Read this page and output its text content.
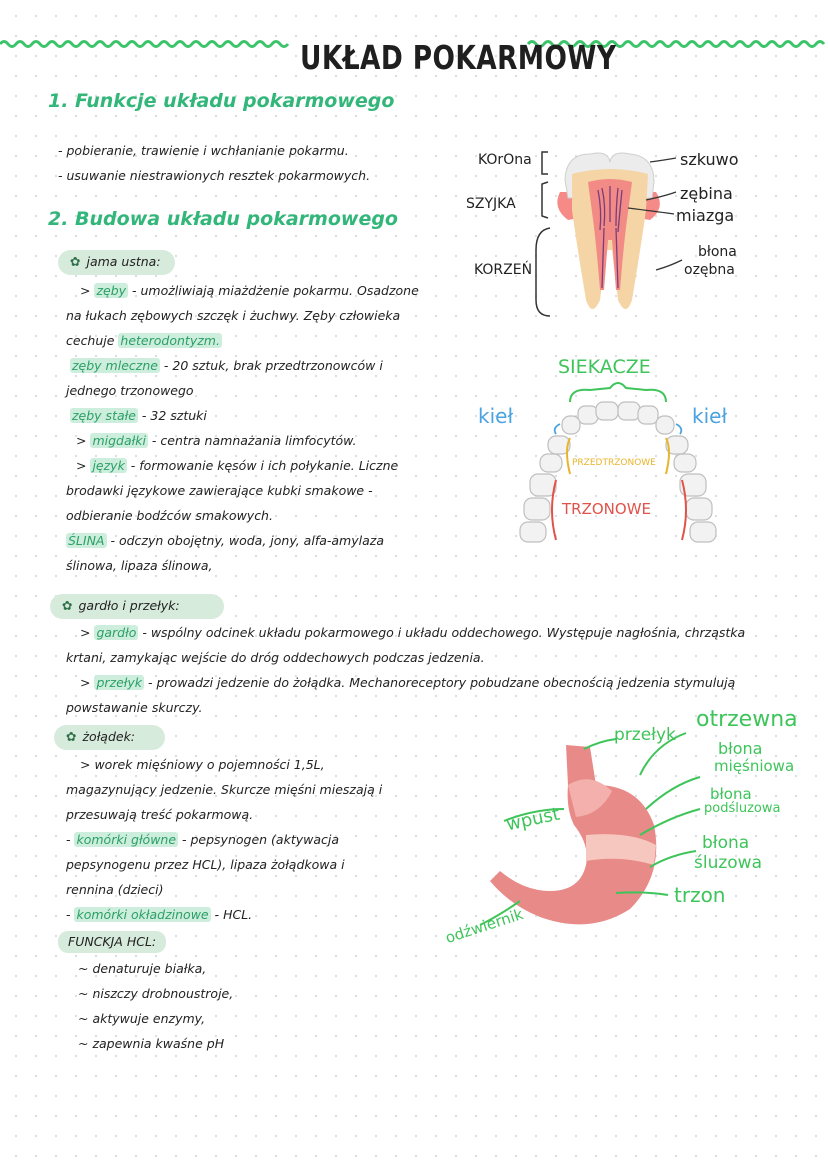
UKŁAD POKARMOWY
1. Funkcje układu pokarmowego
- pobieranie, trawienie i wchłanianie pokarmu.
- usuwanie niestrawionych resztek pokarmowych.
2. Budowa układu pokarmowego
✿ jama ustna:
> zęby - umożliwiają miażdżenie pokarmu. Osadzone
na łukach zębowych szczęk i żuchwy. Zęby człowieka
cechuje heterodontyzm.
zęby mleczne - 20 sztuk, brak przedtrzonowców i
jednego trzonowego
zęby stałe - 32 sztuki
> migdałki - centra namnażania limfocytów.
> język - formowanie kęsów i ich połykanie. Liczne
brodawki językowe zawierające kubki smakowe -
odbieranie bodźców smakowych.
ŚLINA - odczyn obojętny, woda, jony, alfa-amylaza
ślinowa, lipaza ślinowa,
✿ gardło i przełyk:
> gardło - wspólny odcinek układu pokarmowego i układu oddechowego. Występuje nagłośnia, chrząstka
krtani, zamykając wejście do dróg oddechowych podczas jedzenia.
> przełyk - prowadzi jedzenie do żołądka. Mechanoreceptory pobudzane obecnością jedzenia stymulują
powstawanie skurczy.
✿ żołądek:
> worek mięśniowy o pojemności 1,5L,
magazynujący jedzenie. Skurcze mięśni mieszają i
przesuwają treść pokarmową.
- komórki główne - pepsynogen (aktywacja
pepsynogenu przez HCL), lipaza żołądkowa i
rennina (dzieci)
- komórki okładzinowe - HCL.
FUNCKJA HCL:
~ denaturuje białka,
~ niszczy drobnoustroje,
~ aktywuje enzymy,
~ zapewnia kwaśne pH
KOrOna
SZYJKA
KORZEŃ
szkuwo
zębina
miazga
błona
ozębna
SIEKACZE
kieł	kieł
PRZEDTRZONOWE
TRZONOWE
przełyk
otrzewna
błona
mięśniowa
błona
podśluzowa
błona
śluzowa
wpust
trzon
odźwiernik
